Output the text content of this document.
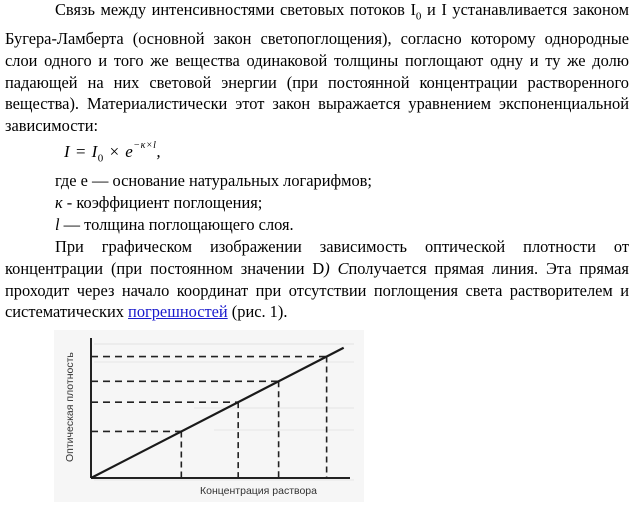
Связь между интенсивностями световых потоков $I_0$ и I устанавливается законом Бугера-Ламберта (основной закон светопоглощения), согласно которому однородные слои одного и того же вещества одинаковой толщины поглощают одну и ту же долю падающей на них световой энергии (при постоянной концентрации растворенного вещества). Материалистически этот закон выражается уравнением экспоненциальной зависимости:

$I = I_0 \times e^{-\kappa\times l}$,
где е — основание натуральных логарифмов;
к - коэффициент поглощения;
l — толщина поглощающего слоя.

При графическом изображении зависимость оптической плотности от концентрации (при постоянном значении D) Сполучается прямая линия. Эта прямая проходит через начало координат при отсутствии поглощения света растворителем и систематических погрешностей (рис. 1).

Оптическая плотность
Концентрация раствора
